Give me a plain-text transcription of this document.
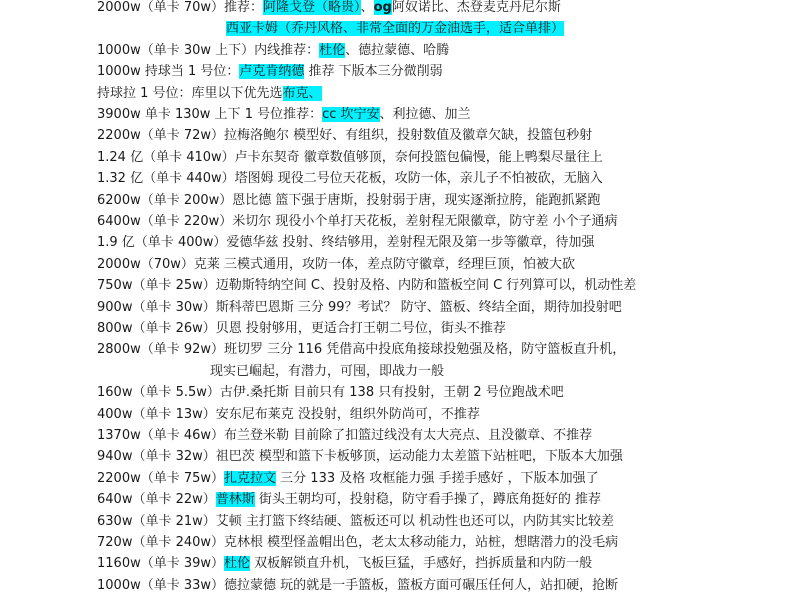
2000w（单卡 70w）推荐：阿隆戈登（略贵）、og阿奴诺比、杰登麦克丹尼尔斯
西亚卡姆（乔丹风格、非常全面的万金油选手，适合单排）
1000w（单卡 30w 上下）内线推荐：杜伦、德拉蒙德、哈腾
1000w 持球当 1 号位：卢克肯纳德 推荐 下版本三分微削弱
持球拉 1 号位：库里以下优先选布克、
3900w 单卡 130w 上下 1 号位推荐：cc 坎宁安、利拉德、加兰
2200w（单卡 72w）拉梅洛鲍尔 模型好、有组织，投射数值及徽章欠缺，投篮包秒射
1.24 亿（单卡 410w）卢卡东契奇 徽章数值够顶，奈何投篮包偏慢，能上鸭梨尽量往上
1.32 亿（单卡 440w）塔图姆 现役二号位天花板，攻防一体，亲儿子不怕被砍，无脑入
6200w（单卡 200w）恩比德 篮下强于唐斯，投射弱于唐，现实逐渐拉胯，能跑抓紧跑
6400w（单卡 220w）米切尔 现役小个单打天花板，差射程无限徽章，防守差 小个子通病
1.9 亿（单卡 400w）爱德华兹 投射、终结够用，差射程无限及第一步等徽章，待加强
2000w（70w）克莱 三模式通用，攻防一体，差点防守徽章，经理巨顶，怕被大砍
750w（单卡 25w）迈勒斯特纳空间 C、投射及格、内防和篮板空间 C 行列算可以，机动性差
900w（单卡 30w）斯科蒂巴恩斯 三分 99？考试？ 防守、篮板、终结全面，期待加投射吧
800w（单卡 26w）贝恩 投射够用，更适合打王朝二号位，街头不推荐
2800w（单卡 92w）班切罗 三分 116 凭借高中投底角接球投勉强及格，防守篮板直升机，
现实已崛起，有潜力，可囤，即战力一般
160w（单卡 5.5w）古伊.桑托斯 目前只有 138 只有投射，王朝 2 号位跑战术吧
400w（单卡 13w）安东尼布莱克 没投射，组织外防尚可，不推荐
1370w（单卡 46w）布兰登米勒 目前除了扣篮过线没有太大亮点、且没徽章、不推荐
940w（单卡 32w）祖巴茨 模型和篮下卡板够顶，运动能力太差篮下站桩吧，下版本大加强
2200w（单卡 75w）扎克拉文 三分 133 及格 攻框能力强 手搓手感好 ，下版本加强了
640w（单卡 22w）普林斯 街头王朝均可，投射稳，防守看手操了，蹲底角挺好的 推荐
630w（单卡 21w）艾顿 主打篮下终结硬、篮板还可以 机动性也还可以，内防其实比较差
720w（单卡 240w）克林根 模型怪盖帽出色，老太太移动能力，站桩，想瞎潜力的没毛病
1160w（单卡 39w）杜伦 双板解锁直升机，飞板巨猛，手感好，挡拆质量和内防一般
1000w（单卡 33w）德拉蒙德 玩的就是一手篮板，篮板方面可碾压任何人，站扣硬，抢断
